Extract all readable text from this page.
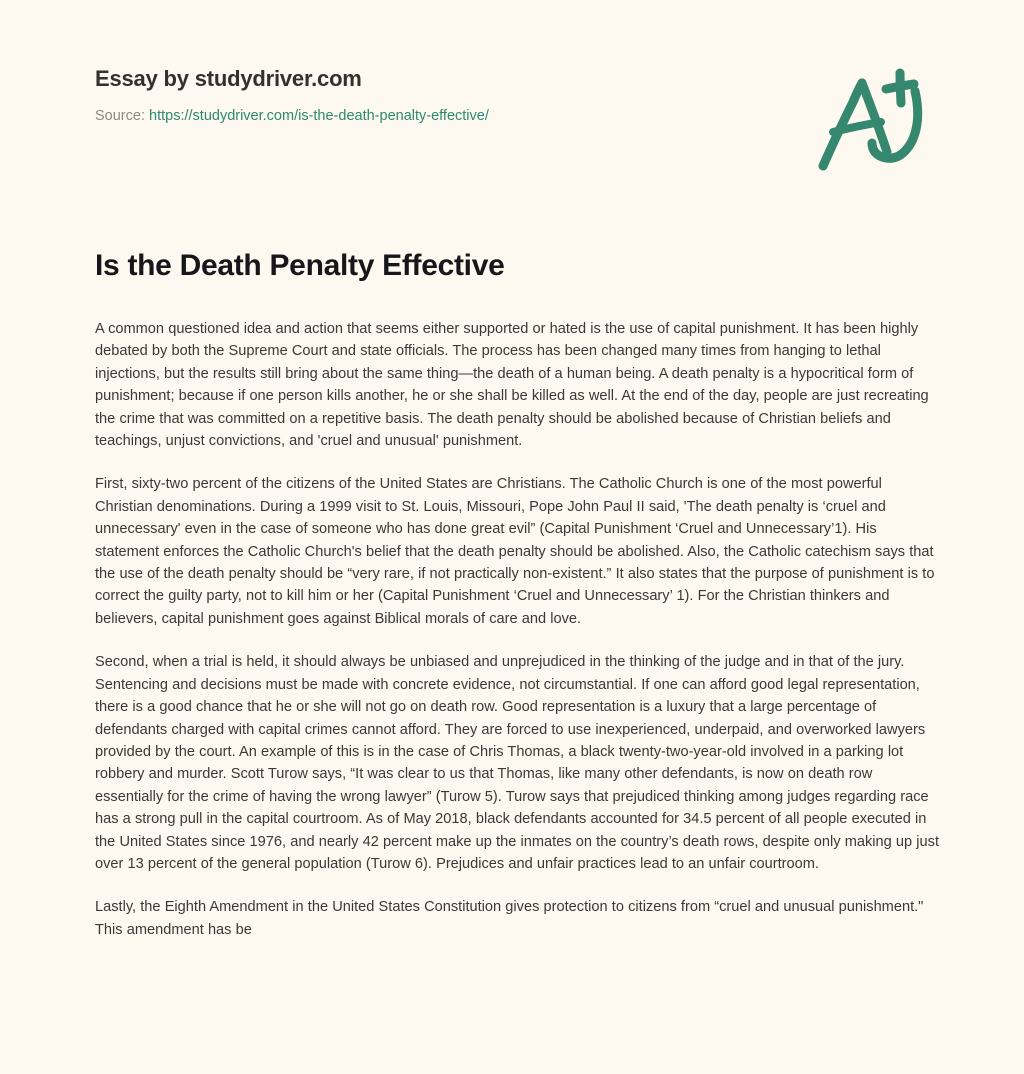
Essay by studydriver.com
Source: https://studydriver.com/is-the-death-penalty-effective/
Is the Death Penalty Effective

A common questioned idea and action that seems either supported or hated is the use of capital punishment. It has been highly debated by both the Supreme Court and state officials. The process has been changed many times from hanging to lethal injections, but the results still bring about the same thing—the death of a human being. A death penalty is a hypocritical form of punishment; because if one person kills another, he or she shall be killed as well. At the end of the day, people are just recreating the crime that was committed on a repetitive basis. The death penalty should be abolished because of Christian beliefs and teachings, unjust convictions, and 'cruel and unusual' punishment.

First, sixty-two percent of the citizens of the United States are Christians. The Catholic Church is one of the most powerful Christian denominations. During a 1999 visit to St. Louis, Missouri, Pope John Paul II said, 'The death penalty is ‘cruel and unnecessary' even in the case of someone who has done great evil” (Capital Punishment ‘Cruel and Unnecessary’1). His statement enforces the Catholic Church's belief that the death penalty should be abolished. Also, the Catholic catechism says that the use of the death penalty should be “very rare, if not practically non-existent.” It also states that the purpose of punishment is to correct the guilty party, not to kill him or her (Capital Punishment ‘Cruel and Unnecessary’ 1). For the Christian thinkers and believers, capital punishment goes against Biblical morals of care and love.

Second, when a trial is held, it should always be unbiased and unprejudiced in the thinking of the judge and in that of the jury. Sentencing and decisions must be made with concrete evidence, not circumstantial. If one can afford good legal representation, there is a good chance that he or she will not go on death row. Good representation is a luxury that a large percentage of defendants charged with capital crimes cannot afford. They are forced to use inexperienced, underpaid, and overworked lawyers provided by the court. An example of this is in the case of Chris Thomas, a black twenty-two-year-old involved in a parking lot robbery and murder. Scott Turow says, “It was clear to us that Thomas, like many other defendants, is now on death row essentially for the crime of having the wrong lawyer” (Turow 5). Turow says that prejudiced thinking among judges regarding race has a strong pull in the capital courtroom. As of May 2018, black defendants accounted for 34.5 percent of all people executed in the United States since 1976, and nearly 42 percent make up the inmates on the country’s death rows, despite only making up just over 13 percent of the general population (Turow 6). Prejudices and unfair practices lead to an unfair courtroom.

Lastly, the Eighth Amendment in the United States Constitution gives protection to citizens from “cruel and unusual punishment." This amendment has be
